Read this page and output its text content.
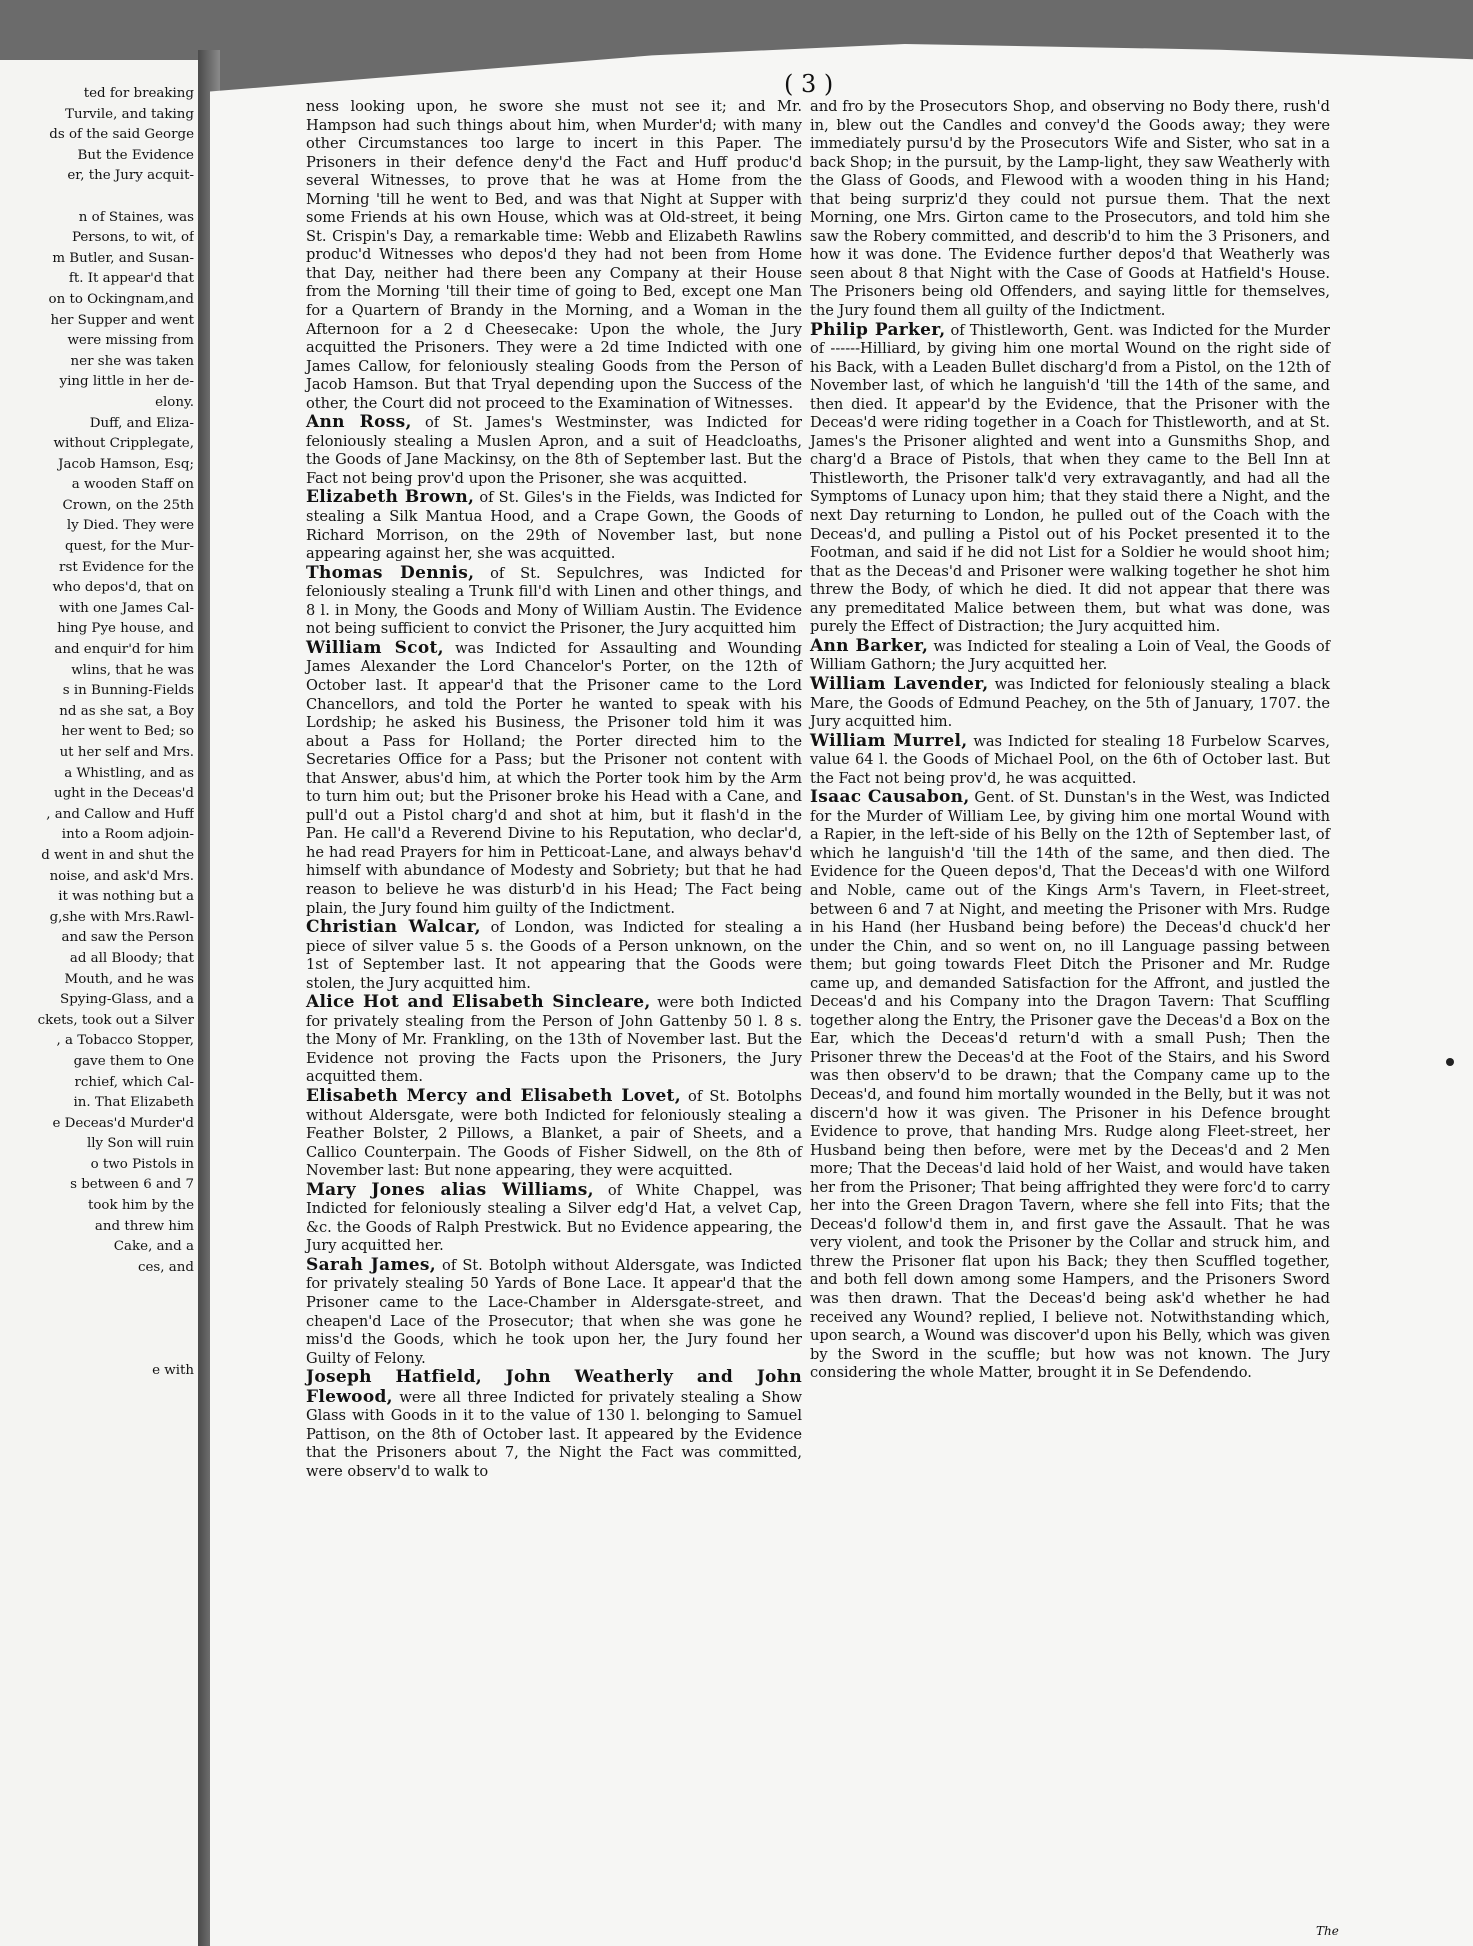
ted for breaking
Turvile, and taking
ds of the said George
But the Evidence
er, the Jury acquit-

n of Staines, was
Persons, to wit, of
m Butler, and Susan-
ft. It appear'd that
on to Ockingnam,and
her Supper and went
were missing from
ner she was taken
ying little in her de-
elony.
Duff, and Eliza-
without Cripplegate,
Jacob Hamson, Esq;
a wooden Staff on
Crown, on the 25th
ly Died. They were
quest, for the Mur-
rst Evidence for the
who depos'd, that on
with one James Cal-
hing Pye house, and
and enquir'd for him
wlins, that he was
s in Bunning-Fields
nd as she sat, a Boy
her went to Bed; so
ut her self and Mrs.
a Whistling, and as
ught in the Deceas'd
, and Callow and Huff
into a Room adjoin-
d went in and shut the
noise, and ask'd Mrs.
it was nothing but a
g,she with Mrs.Rawl-
and saw the Person
ad all Bloody; that
Mouth, and he was
Spying-Glass, and a
ckets, took out a Silver
, a Tobacco Stopper,
gave them to One
rchief, which Cal-
in. That Elizabeth
e Deceas'd Murder'd
lly Son will ruin
o two Pistols in
s between 6 and 7
took him by the
and threw him
Cake, and a
ces, and

e with

( 3 )

ness looking upon, he swore she must not see it; and Mr. Hampson had such things about him, when Murder'd; with many other Circumstances too large to incert in this Paper. The Prisoners in their defence deny'd the Fact and Huff produc'd several Witnesses, to prove that he was at Home from the Morning 'till he went to Bed, and was that Night at Supper with some Friends at his own House, which was at Old-street, it being St. Crispin's Day, a remarkable time: Webb and Elizabeth Rawlins produc'd Witnesses who depos'd they had not been from Home that Day, neither had there been any Company at their House from the Morning 'till their time of going to Bed, except one Man for a Quartern of Brandy in the Morning, and a Woman in the Afternoon for a 2 d Cheesecake: Upon the whole, the Jury acquitted the Prisoners. They were a 2d time Indicted with one James Callow, for feloniously stealing Goods from the Person of Jacob Hamson. But that Tryal depending upon the Success of the other, the Court did not proceed to the Examination of Witnesses.

Ann Ross, of St. James's Westminster, was Indicted for feloniously stealing a Muslen Apron, and a suit of Headcloaths, the Goods of Jane Mackinsy, on the 8th of September last. But the Fact not being prov'd upon the Prisoner, she was acquitted.

Elizabeth Brown, of St. Giles's in the Fields, was Indicted for stealing a Silk Mantua Hood, and a Crape Gown, the Goods of Richard Morrison, on the 29th of November last, but none appearing against her, she was acquitted.

Thomas Dennis, of St. Sepulchres, was Indicted for feloniously stealing a Trunk fill'd with Linen and other things, and 8 l. in Mony, the Goods and Mony of William Austin. The Evidence not being sufficient to convict the Prisoner, the Jury acquitted him

William Scot, was Indicted for Assaulting and Wounding James Alexander the Lord Chancelor's Porter, on the 12th of October last. It appear'd that the Prisoner came to the Lord Chancellors, and told the Porter he wanted to speak with his Lordship; he asked his Business, the Prisoner told him it was about a Pass for Holland; the Porter directed him to the Secretaries Office for a Pass; but the Prisoner not content with that Answer, abus'd him, at which the Porter took him by the Arm to turn him out; but the Prisoner broke his Head with a Cane, and pull'd out a Pistol charg'd and shot at him, but it flash'd in the Pan. He call'd a Reverend Divine to his Reputation, who declar'd, he had read Prayers for him in Petticoat-Lane, and always behav'd himself with abundance of Modesty and Sobriety; but that he had reason to believe he was disturb'd in his Head; The Fact being plain, the Jury found him guilty of the Indictment.

Christian Walcar, of London, was Indicted for stealing a piece of silver value 5 s. the Goods of a Person unknown, on the 1st of September last. It not appearing that the Goods were stolen, the Jury acquitted him.

Alice Hot and Elisabeth Sincleare, were both Indicted for privately stealing from the Person of John Gattenby 50 l. 8 s. the Mony of Mr. Frankling, on the 13th of November last. But the Evidence not proving the Facts upon the Prisoners, the Jury acquitted them.

Elisabeth Mercy and Elisabeth Lovet, of St. Botolphs without Aldersgate, were both Indicted for feloniously stealing a Feather Bolster, 2 Pillows, a Blanket, a pair of Sheets, and a Callico Counterpain. The Goods of Fisher Sidwell, on the 8th of November last: But none appearing, they were acquitted.

Mary Jones alias Williams, of White Chappel, was Indicted for feloniously stealing a Silver edg'd Hat, a velvet Cap, &c. the Goods of Ralph Prestwick. But no Evidence appearing, the Jury acquitted her.

Sarah James, of St. Botolph without Aldersgate, was Indicted for privately stealing 50 Yards of Bone Lace. It appear'd that the Prisoner came to the Lace-Chamber in Aldersgate-street, and cheapen'd Lace of the Prosecutor; that when she was gone he miss'd the Goods, which he took upon her, the Jury found her Guilty of Felony.

Joseph Hatfield, John Weatherly and John Flewood, were all three Indicted for privately stealing a Show Glass with Goods in it to the value of 130 l. belonging to Samuel Pattison, on the 8th of October last. It appeared by the Evidence that the Prisoners about 7, the Night the Fact was committed, were observ'd to walk to

and fro by the Prosecutors Shop, and observing no Body there, rush'd in, blew out the Candles and convey'd the Goods away; they were immediately pursu'd by the Prosecutors Wife and Sister, who sat in a back Shop; in the pursuit, by the Lamp-light, they saw Weatherly with the Glass of Goods, and Flewood with a wooden thing in his Hand; that being surpriz'd they could not pursue them. That the next Morning, one Mrs. Girton came to the Prosecutors, and told him she saw the Robery committed, and describ'd to him the 3 Prisoners, and how it was done. The Evidence further depos'd that Weatherly was seen about 8 that Night with the Case of Goods at Hatfield's House. The Prisoners being old Offenders, and saying little for themselves, the Jury found them all guilty of the Indictment.

Philip Parker, of Thistleworth, Gent. was Indicted for the Murder of ------Hilliard, by giving him one mortal Wound on the right side of his Back, with a Leaden Bullet discharg'd from a Pistol, on the 12th of November last, of which he languish'd 'till the 14th of the same, and then died. It appear'd by the Evidence, that the Prisoner with the Deceas'd were riding together in a Coach for Thistleworth, and at St. James's the Prisoner alighted and went into a Gunsmiths Shop, and charg'd a Brace of Pistols, that when they came to the Bell Inn at Thistleworth, the Prisoner talk'd very extravagantly, and had all the Symptoms of Lunacy upon him; that they staid there a Night, and the next Day returning to London, he pulled out of the Coach with the Deceas'd, and pulling a Pistol out of his Pocket presented it to the Footman, and said if he did not List for a Soldier he would shoot him; that as the Deceas'd and Prisoner were walking together he shot him threw the Body, of which he died. It did not appear that there was any premeditated Malice between them, but what was done, was purely the Effect of Distraction; the Jury acquitted him.

Ann Barker, was Indicted for stealing a Loin of Veal, the Goods of William Gathorn; the Jury acquitted her.

William Lavender, was Indicted for feloniously stealing a black Mare, the Goods of Edmund Peachey, on the 5th of January, 1707. the Jury acquitted him.

William Murrel, was Indicted for stealing 18 Furbelow Scarves, value 64 l. the Goods of Michael Pool, on the 6th of October last. But the Fact not being prov'd, he was acquitted.

Isaac Causabon, Gent. of St. Dunstan's in the West, was Indicted for the Murder of William Lee, by giving him one mortal Wound with a Rapier, in the left-side of his Belly on the 12th of September last, of which he languish'd 'till the 14th of the same, and then died. The Evidence for the Queen depos'd, That the Deceas'd with one Wilford and Noble, came out of the Kings Arm's Tavern, in Fleet-street, between 6 and 7 at Night, and meeting the Prisoner with Mrs. Rudge in his Hand (her Husband being before) the Deceas'd chuck'd her under the Chin, and so went on, no ill Language passing between them; but going towards Fleet Ditch the Prisoner and Mr. Rudge came up, and demanded Satisfaction for the Affront, and justled the Deceas'd and his Company into the Dragon Tavern: That Scuffling together along the Entry, the Prisoner gave the Deceas'd a Box on the Ear, which the Deceas'd return'd with a small Push; Then the Prisoner threw the Deceas'd at the Foot of the Stairs, and his Sword was then observ'd to be drawn; that the Company came up to the Deceas'd, and found him mortally wounded in the Belly, but it was not discern'd how it was given. The Prisoner in his Defence brought Evidence to prove, that handing Mrs. Rudge along Fleet-street, her Husband being then before, were met by the Deceas'd and 2 Men more; That the Deceas'd laid hold of her Waist, and would have taken her from the Prisoner; That being affrighted they were forc'd to carry her into the Green Dragon Tavern, where she fell into Fits; that the Deceas'd follow'd them in, and first gave the Assault. That he was very violent, and took the Prisoner by the Collar and struck him, and threw the Prisoner flat upon his Back; they then Scuffled together, and both fell down among some Hampers, and the Prisoners Sword was then drawn. That the Deceas'd being ask'd whether he had received any Wound? replied, I believe not. Notwithstanding which, upon search, a Wound was discover'd upon his Belly, which was given by the Sword in the scuffle; but how was not known. The Jury considering the whole Matter, brought it in Se Defendendo.

The
